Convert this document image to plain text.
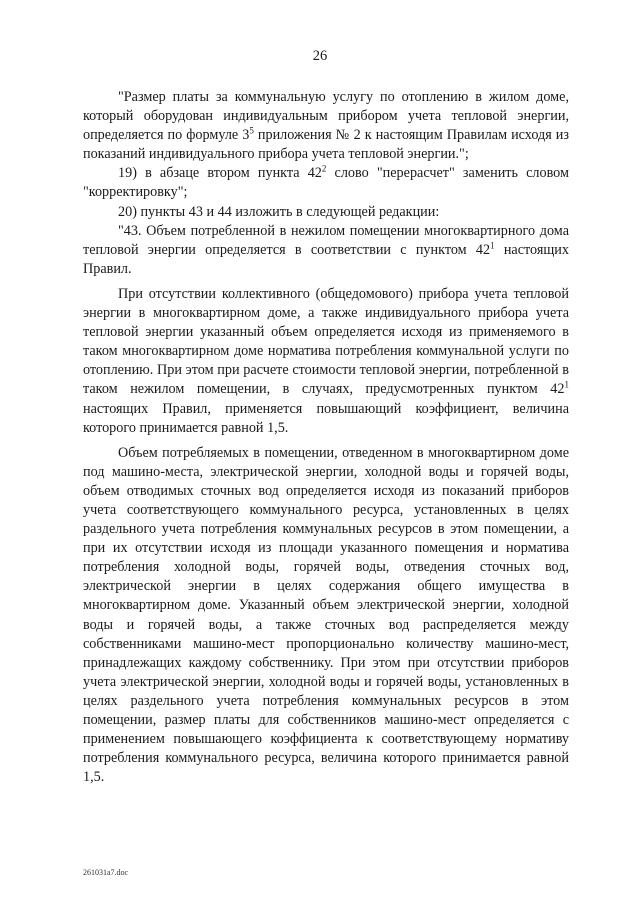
26

"Размер платы за коммунальную услугу по отоплению в жилом доме, который оборудован индивидуальным прибором учета тепловой энергии, определяется по формуле $3^5$ приложения № 2 к настоящим Правилам исходя из показаний индивидуального прибора учета тепловой энергии.";

19) в абзаце втором пункта $42^2$ слово "перерасчет" заменить словом "корректировку";

20) пункты 43 и 44 изложить в следующей редакции:

"43. Объем потребленной в нежилом помещении многоквартирного дома тепловой энергии определяется в соответствии с пунктом $42^1$ настоящих Правил.

При отсутствии коллективного (общедомового) прибора учета тепловой энергии в многоквартирном доме, а также индивидуального прибора учета тепловой энергии указанный объем определяется исходя из применяемого в таком многоквартирном доме норматива потребления коммунальной услуги по отоплению. При этом при расчете стоимости тепловой энергии, потребленной в таком нежилом помещении, в случаях, предусмотренных пунктом $42^1$ настоящих Правил, применяется повышающий коэффициент, величина которого принимается равной 1,5.

Объем потребляемых в помещении, отведенном в многоквартирном доме под машино-места, электрической энергии, холодной воды и горячей воды, объем отводимых сточных вод определяется исходя из показаний приборов учета соответствующего коммунального ресурса, установленных в целях раздельного учета потребления коммунальных ресурсов в этом помещении, а при их отсутствии исходя из площади указанного помещения и норматива потребления холодной воды, горячей воды, отведения сточных вод, электрической энергии в целях содержания общего имущества в многоквартирном доме. Указанный объем электрической энергии, холодной воды и горячей воды, а также сточных вод распределяется между собственниками машино-мест пропорционально количеству машино-мест, принадлежащих каждому собственнику. При этом при отсутствии приборов учета электрической энергии, холодной воды и горячей воды, установленных в целях раздельного учета потребления коммунальных ресурсов в этом помещении, размер платы для собственников машино-мест определяется с применением повышающего коэффициента к соответствующему нормативу потребления коммунального ресурса, величина которого принимается равной 1,5.

261031a7.doc
